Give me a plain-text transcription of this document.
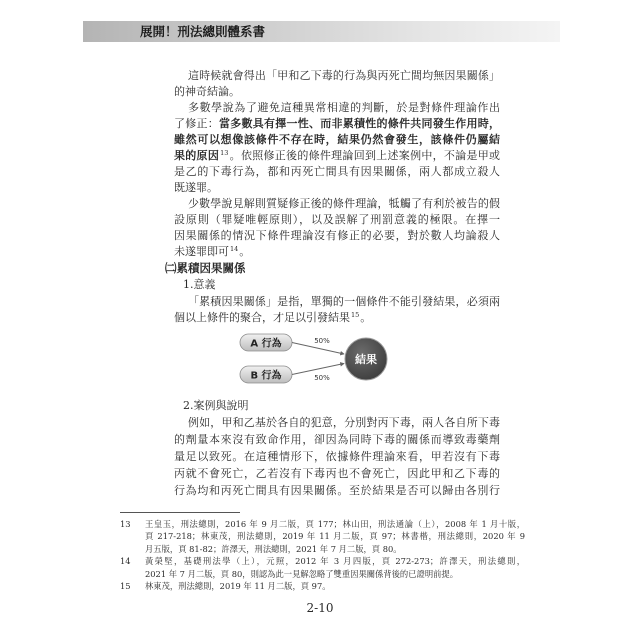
展開！刑法總則體系書
這時候就會得出「甲和乙下毒的行為與丙死亡間均無因果關係」
的神奇結論。
多數學說為了避免這種異常相違的判斷，於是對條件理論作出
了修正：當多數具有擇一性、而非累積性的條件共同發生作用時，
雖然可以想像該條件不存在時，結果仍然會發生，該條件仍屬結
果的原因$^{13}$。依照修正後的條件理論回到上述案例中，不論是甲或
是乙的下毒行為，都和丙死亡間具有因果關係，兩人都成立殺人
既遂罪。
少數學說見解則質疑修正後的條件理論，牴觸了有利於被告的假
設原則（罪疑唯輕原則），以及誤解了刑罰意義的極限。在擇一
因果關係的情況下條件理論沒有修正的必要，對於數人均論殺人
未遂罪即可$^{14}$。
㈡累積因果關係
1.意義
「累積因果關係」是指，單獨的一個條件不能引發結果，必須兩
個以上條件的聚合，才足以引發結果$^{15}$。
A 行為
B 行為
50%
50%
結果
2.案例與說明
例如，甲和乙基於各自的犯意，分別對丙下毒，兩人各自所下毒
的劑量本來沒有致命作用，卻因為同時下毒的關係而導致毒藥劑
量足以致死。在這種情形下，依據條件理論來看，甲若沒有下毒
丙就不會死亡，乙若沒有下毒丙也不會死亡，因此甲和乙下毒的
行為均和丙死亡間具有因果關係。至於結果是否可以歸由各別行
13	王皇玉，刑法總則，2016 年 9 月二版，頁 177；林山田，刑法通論（上），2008 年 1 月十版，
頁 217-218；林東茂，刑法總則，2019 年 11 月二版，頁 97；林書楷，刑法總則，2020 年 9
月五版，頁 81-82；許澤天，刑法總則，2021 年 7 月二版，頁 80。
14	黃榮堅，基礎刑法學（上），元照，2012 年 3 月四版，頁 272-273；許澤天，刑法總則，
2021 年 7 月二版，頁 80，則認為此一見解忽略了雙重因果關係背後的已證明前提。
15	林東茂，刑法總則，2019 年 11 月二版，頁 97。
2-10
